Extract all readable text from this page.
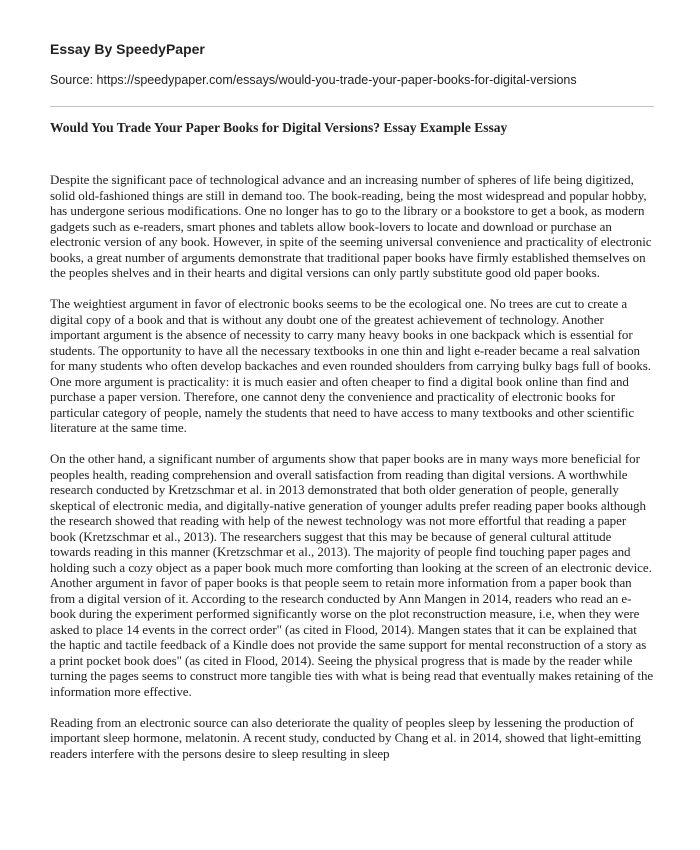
Essay By SpeedyPaper
Source: https://speedypaper.com/essays/would-you-trade-your-paper-books-for-digital-versions
Would You Trade Your Paper Books for Digital Versions? Essay Example Essay

Despite the significant pace of technological advance and an increasing number of spheres of life being digitized, solid old-fashioned things are still in demand too. The book-reading, being the most widespread and popular hobby, has undergone serious modifications. One no longer has to go to the library or a bookstore to get a book, as modern gadgets such as e-readers, smart phones and tablets allow book-lovers to locate and download or purchase an electronic version of any book. However, in spite of the seeming universal convenience and practicality of electronic books, a great number of arguments demonstrate that traditional paper books have firmly established themselves on the peoples shelves and in their hearts and digital versions can only partly substitute good old paper books.

The weightiest argument in favor of electronic books seems to be the ecological one. No trees are cut to create a digital copy of a book and that is without any doubt one of the greatest achievement of technology. Another important argument is the absence of necessity to carry many heavy books in one backpack which is essential for students. The opportunity to have all the necessary textbooks in one thin and light e-reader became a real salvation for many students who often develop backaches and even rounded shoulders from carrying bulky bags full of books. One more argument is practicality: it is much easier and often cheaper to find a digital book online than find and purchase a paper version. Therefore, one cannot deny the convenience and practicality of electronic books for particular category of people, namely the students that need to have access to many textbooks and other scientific literature at the same time.

On the other hand, a significant number of arguments show that paper books are in many ways more beneficial for peoples health, reading comprehension and overall satisfaction from reading than digital versions. A worthwhile research conducted by Kretzschmar et al. in 2013 demonstrated that both older generation of people, generally skeptical of electronic media, and digitally-native generation of younger adults prefer reading paper books although the research showed that reading with help of the newest technology was not more effortful that reading a paper book (Kretzschmar et al., 2013). The researchers suggest that this may be because of general cultural attitude towards reading in this manner (Kretzschmar et al., 2013). The majority of people find touching paper pages and holding such a cozy object as a paper book much more comforting than looking at the screen of an electronic device. Another argument in favor of paper books is that people seem to retain more information from a paper book than from a digital version of it. According to the research conducted by Ann Mangen in 2014, readers who read an e-book during the experiment performed significantly worse on the plot reconstruction measure, i.e, when they were asked to place 14 events in the correct order" (as cited in Flood, 2014). Mangen states that it can be explained that the haptic and tactile feedback of a Kindle does not provide the same support for mental reconstruction of a story as a print pocket book does" (as cited in Flood, 2014). Seeing the physical progress that is made by the reader while turning the pages seems to construct more tangible ties with what is being read that eventually makes retaining of the information more effective.

Reading from an electronic source can also deteriorate the quality of peoples sleep by lessening the production of important sleep hormone, melatonin. A recent study, conducted by Chang et al. in 2014, showed that light-emitting readers interfere with the persons desire to sleep resulting in sleep
